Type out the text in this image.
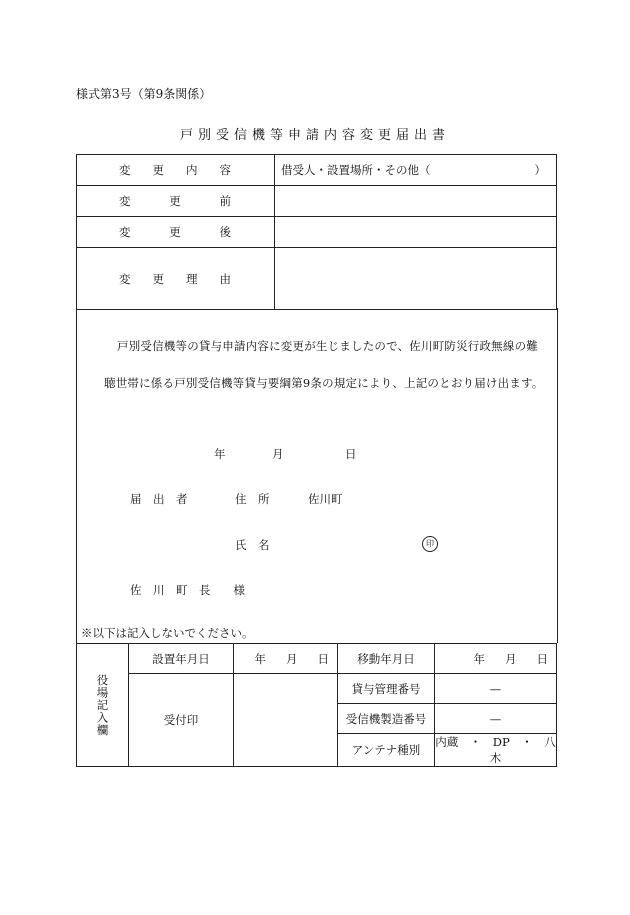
様式第3号（第9条関係）
戸別受信機等申請内容変更届出書
変 更 内 容	借受人・設置場所・その他（ ）

変 更 前	

変 更 後	

変 更 理 由	

戸別受信機等の貸与申請内容に変更が生じましたので、佐川町防災行政無線の難聴世帯に係る戸別受信機等貸与要綱第9条の規定により、上記のとおり届け出ます。
年	月	日
届　出　者	住　所	佐川町
氏　名	印
佐　川　町　長　　様
※以下は記入しないでください。
役場記入欄	設置年月日	年 月 日	移動年月日	年 月 日

	受付印		貸与管理番号	—
			受信機製造番号	—
			アンテナ種別	内蔵　・　DP　・　八木
